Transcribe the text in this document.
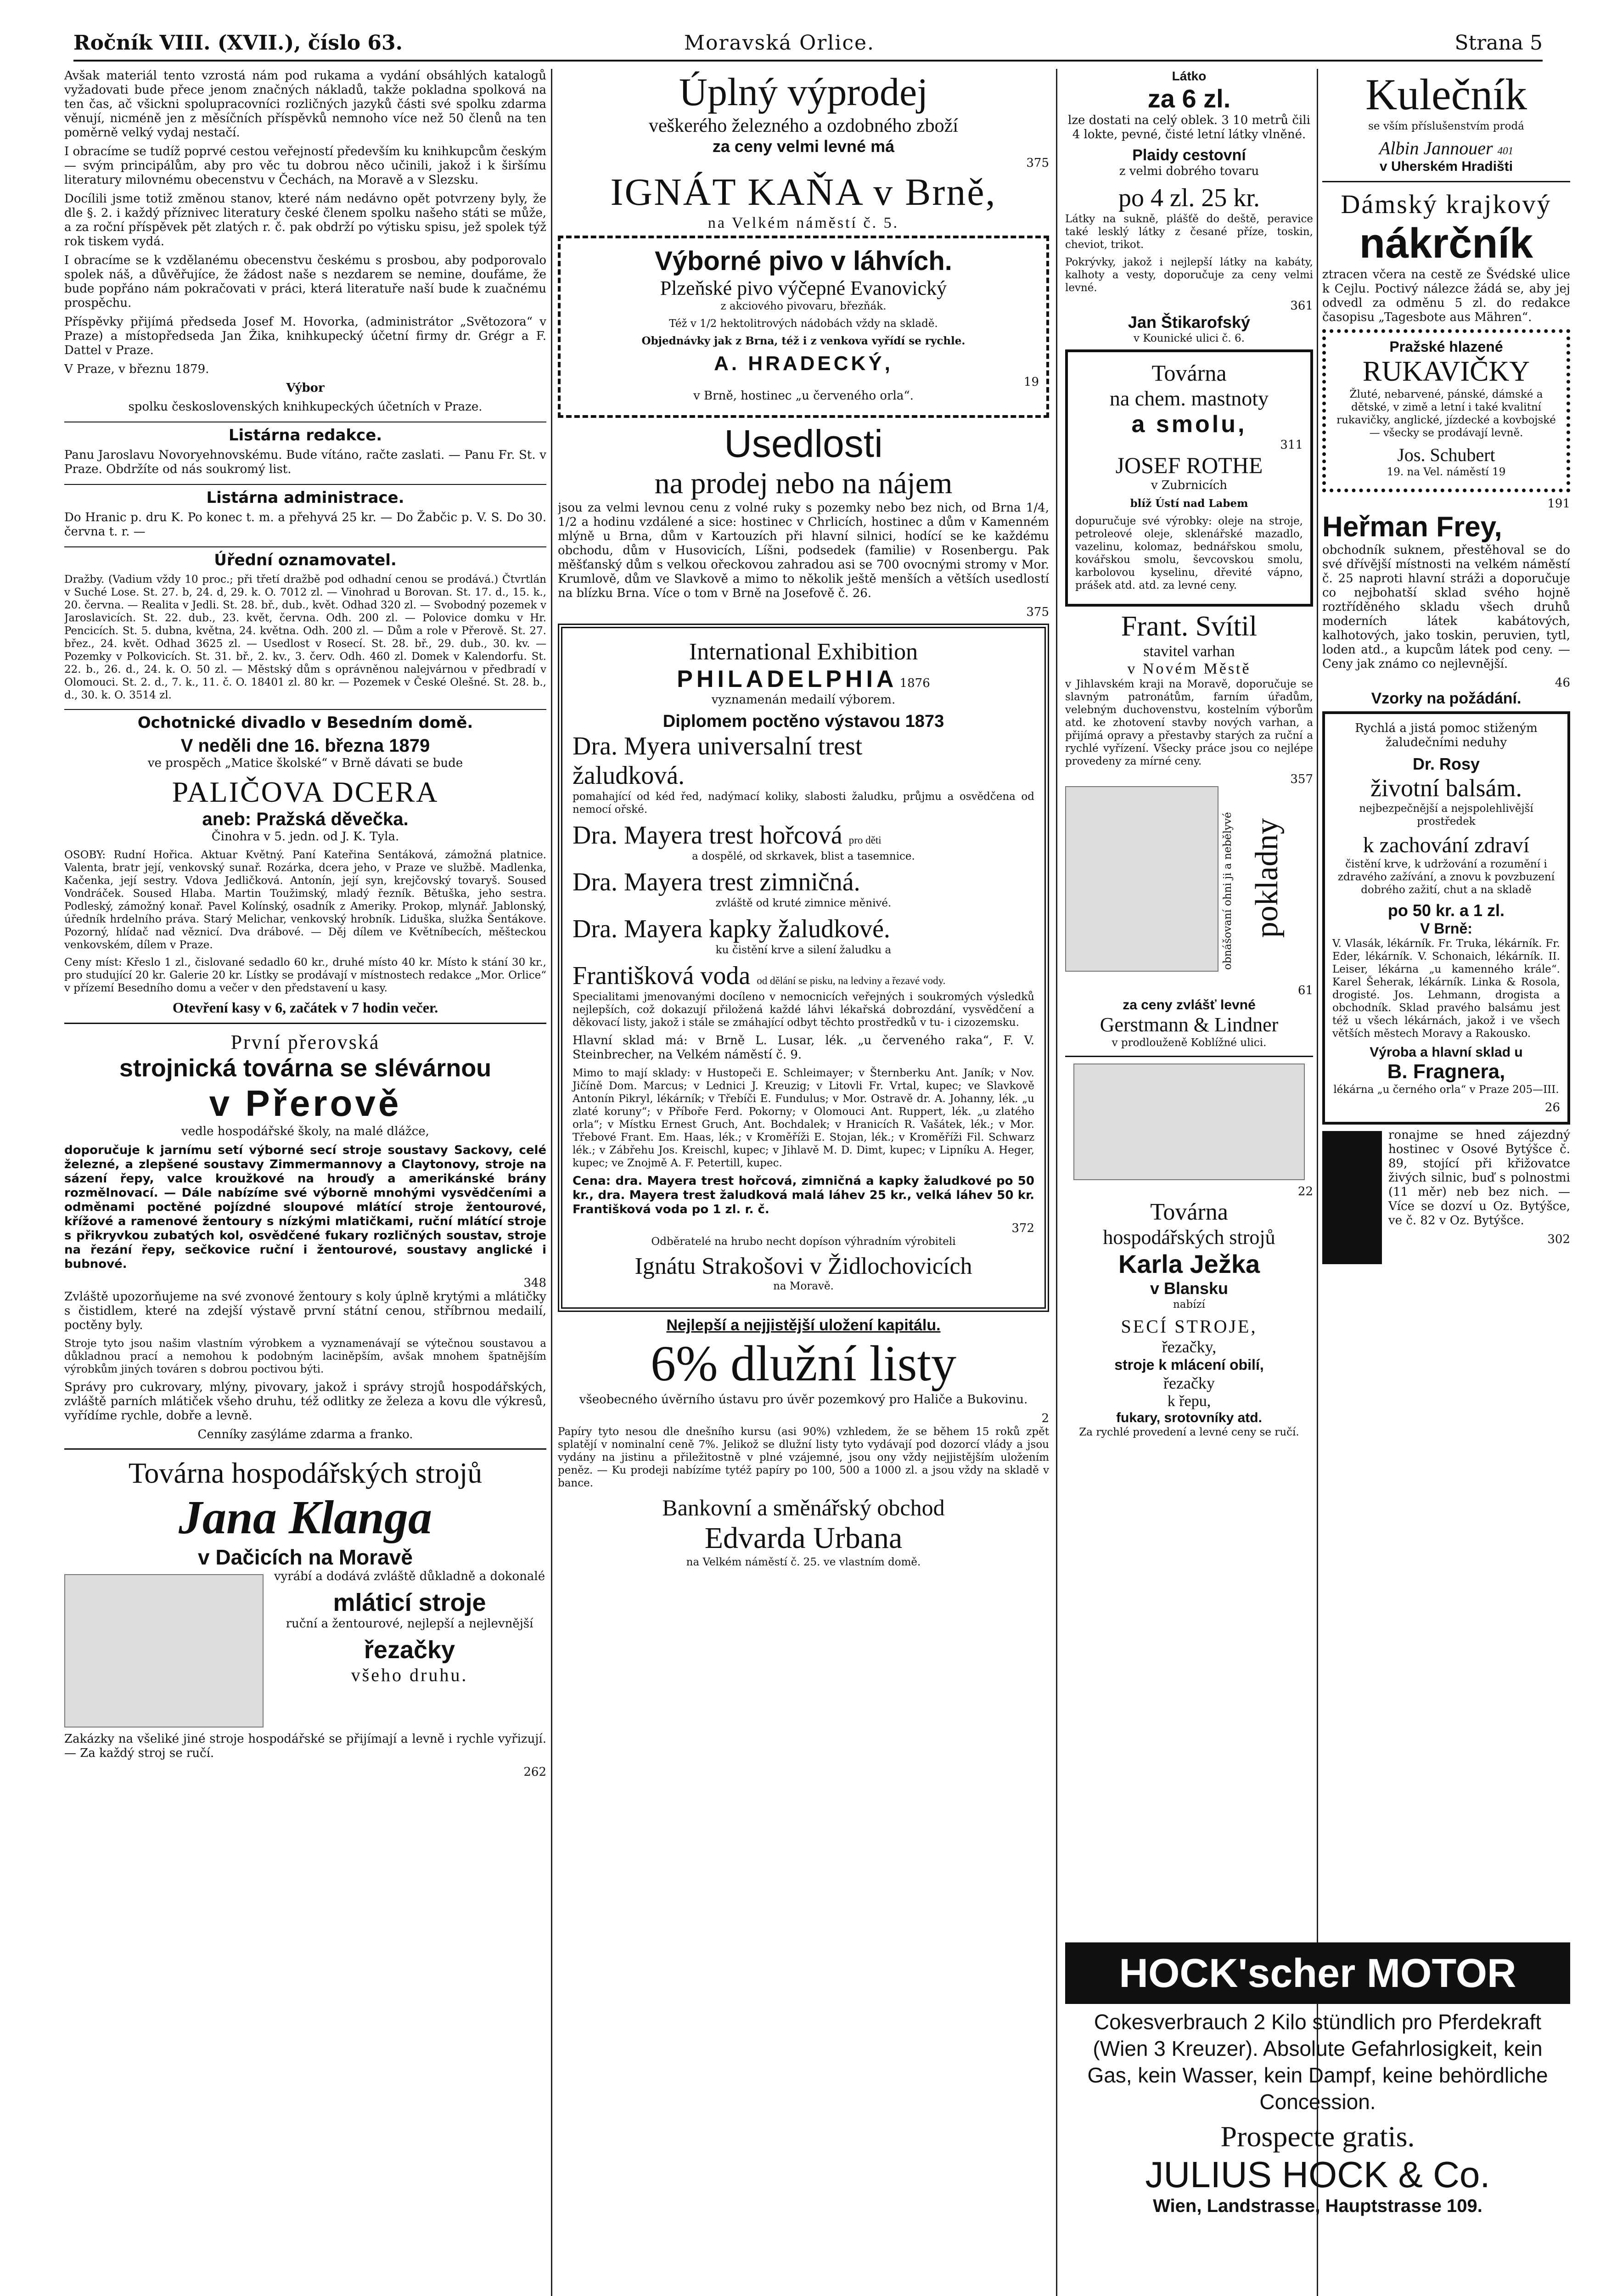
Ročník VIII. (XVII.), číslo 63.	Moravská Orlice.	Strana 5

Avšak materiál tento vzrostá nám pod rukama a vydání obsáhlých katalogů vyžadovati bude přece jenom značných nákladů, takže pokladna spolková na ten čas, ač všickni spolupracovníci rozličných jazyků části své spolku zdarma věnují, nicméně jen z měsíčních příspěvků nemnoho více než 50 členů na ten poměrně velký vydaj nestačí.

I obracíme se tudíž poprvé cestou veřejností především ku knihkupcům českým — svým principálům, aby pro věc tu dobrou něco učinili, jakož i k širšímu literatury milovnému obecenstvu v Čechách, na Moravě a v Slezsku.

Docílili jsme totiž změnou stanov, které nám nedávno opět potvrzeny byly, že dle §. 2. i každý příznivec literatury české členem spolku našeho státi se může, a za roční příspěvek pět zlatých r. č. pak obdrží po výtisku spisu, jež spolek týž rok tiskem vydá.

I obracíme se k vzdělanému obecenstvu českému s prosbou, aby podporovalo spolek náš, a důvěřujíce, že žádost naše s nezdarem se nemine, doufáme, že bude popřáno nám pokračovati v práci, která literatuře naší bude k zuačnému prospěchu.

Příspěvky přijímá předseda Josef M. Hovorka, (administrátor „Světozora“ v Praze) a místopředseda Jan Žika, knihkupecký účetní firmy dr. Grégr a F. Dattel v Praze.

V Praze, v březnu 1879.

Výbor

spolku československých knihkupeckých účetních v Praze.

Listárna redakce.

Panu Jaroslavu Novoryehnovskému. Bude vítáno, račte zaslati. — Panu Fr. St. v Praze. Obdržíte od nás soukromý list.

Listárna administrace.

Do Hranic p. dru K. Po konec t. m. a přehyvá 25 kr. — Do Žabčic p. V. S. Do 30. června t. r. —

Úřední oznamovatel.

Dražby. (Vadium vždy 10 proc.; při třetí dražbě pod odhadní cenou se prodává.) Čtvrtlán v Suché Lose. St. 27. b, 24. d, 29. k. O. 7012 zl. — Vinohrad u Borovan. St. 17. d., 15. k., 20. června. — Realita v Jedli. St. 28. bř., dub., květ. Odhad 320 zl. — Svobodný pozemek v Jaroslavicích. St. 22. dub., 23. květ, června. Odh. 200 zl. — Polovice domku v Hr. Pencicích. St. 5. dubna, května, 24. května. Odh. 200 zl. — Dům a role v Přerově. St. 27. břez., 24. květ. Odhad 3625 zl. — Usedlost v Rosecí. St. 28. bř., 29. dub., 30. kv. — Pozemky v Polkovicích. St. 31. bř., 2. kv., 3. červ. Odh. 460 zl. Domek v Kalendorfu. St. 22. b., 26. d., 24. k. O. 50 zl. — Městský dům s oprávněnou nalejvárnou v předbradí v Olomouci. St. 2. d., 7. k., 11. č. O. 18401 zl. 80 kr. — Pozemek v České Olešné. St. 28. b., d., 30. k. O. 3514 zl.

Ochotnické divadlo v Besedním domě.
V neděli dne 16. března 1879

ve prospěch „Matice školské“ v Brně dávati se bude

PALIČOVA DCERA
aneb: Pražská děvečka.

Činohra v 5. jedn. od J. K. Tyla.

OSOBY: Rudní Hořica. Aktuar Květný. Paní Kateřina Sentáková, zámožná platnice. Valenta, bratr její, venkovský sunař. Rozárka, dcera jeho, v Praze ve službě. Madlenka, Kačenka, její sestry. Vdova Jedličková. Antonín, její syn, krejčovský tovaryš. Soused Vondráček. Soused Hlaba. Martin Toužimský, mladý řezník. Bětuška, jeho sestra. Podleský, zámožný konař. Pavel Kolínský, osadník z Ameriky. Prokop, mlynář. Jablonský, úředník hrdelního práva. Starý Melichar, venkovský hrobník. Liduška, služka Šentákove. Pozorný, hlídač nad věznicí. Dva drábové. — Děj dílem ve Květníbecích, měšteckou venkovském, dílem v Praze.

Ceny míst: Křeslo 1 zl., čislované sedadlo 60 kr., druhé místo 40 kr. Místo k stání 30 kr., pro studující 20 kr. Galerie 20 kr. Lístky se prodávají v místnostech redakce „Mor. Orlice“ v přízemí Besedního domu a večer v den představení u kasy.

Otevření kasy v 6, začátek v 7 hodin večer.
První přerovská
strojnická továrna se slévárnou
v Přerově

vedle hospodářské školy, na malé dlážce,

doporučuje k jarnímu setí výborné secí stroje soustavy Sackovy, celé železné, a zlepšené soustavy Zimmermannovy a Claytonovy, stroje na sázení řepy, valce kroužkové na hrouďy a amerikánské brány rozmělnovací. — Dále nabízíme své výborně mnohými vysvědčeními a odměnami poctěné pojízdné sloupové mlátící stroje žentourové, křížové a ramenové žentoury s nízkými mlatičkami, ruční mlátící stroje s přikryvkou zubatých kol, osvědčené fukary rozličných soustav, stroje na řezání řepy, sečkovice ruční i žentourové, soustavy anglické i bubnové.

348

Zvláště upozorňujeme na své zvonové žentoury s koly úplně krytými a mlátičky s čistidlem, které na zdejší výstavě první státní cenou, stříbrnou medailí, poctěny byly.

Stroje tyto jsou našim vlastním výrobkem a vyznamenávají se výtečnou soustavou a důkladnou prací a nemohou k podobným laciněpším, avšak mnohem špatnějším výrobkům jiných továren s dobrou poctivou býti.

Správy pro cukrovary, mlýny, pivovary, jakož i správy strojů hospodářských, zvláště parních mlátiček všeho druhu, též odlitky ze železa a kovu dle výkresů, vyřídíme rychle, dobře a levně.

Cenníky zasýláme zdarma a franko.

Továrna hospodářských strojů
Jana Klanga
v Dačicích na Moravě

vyrábí a dodává zvláště důkladně a dokonalé

mláticí stroje

ruční a žentourové, nejlepší a nejlevnější

řezačky
všeho druhu.

Zakázky na všeliké jiné stroje hospodářské se přijímají a levně i rychle vyřizují. — Za každý stroj se ručí.

262
Úplný výprodej
veškerého železného a ozdobného zboží
za ceny velmi levné má
375
IGNÁT KAŇA v Brně,
na Velkém náměstí č. 5.
Výborné pivo v láhvích.
Plzeňské pivo výčepné Evanovický

z akciového pivovaru, březňák.

Též v 1/2 hektolitrových nádobách vždy na skladě.

Objednávky jak z Brna, též i z venkova vyřídí se rychle.

A. HRADECKÝ,
19

v Brně, hostinec „u červeného orla“.

Usedlosti
na prodej nebo na nájem

jsou za velmi levnou cenu z volné ruky s pozemky nebo bez nich, od Brna 1/4, 1/2 a hodinu vzdálené a sice: hostinec v Chrlicích, hostinec a dům v Kamenném mlýně u Brna, dům v Kartouzích při hlavní silnici, hodící se ke každému obchodu, dům v Husovicích, Líšni, podsedek (familie) v Rosenbergu. Pak měšťanský dům s velkou ořeckovou zahradou asi se 700 ovocnými stromy v Mor. Krumlově, dům ve Slavkově a mimo to několik ještě menších a větších usedlostí na blízku Brna. Více o tom v Brně na Josefově č. 26.

375
International Exhibition
PHILADELPHIA 1876

vyznamenán medailí výborem.

Diplomem poctěno výstavou 1873
Dra. Myera universalní trest
žaludková.

pomahající od kéd řed, nadýmací koliky, slabosti žaludku, průjmu a osvědčena od nemocí ořské.

Dra. Mayera trest hořcová pro děti

a dospělé, od skrkavek, blist a tasemnice.

Dra. Mayera trest zimničná.

zvláště od kruté zimnice měnivé.

Dra. Mayera kapky žaludkové.

ku čistění krve a silení žaludku a

Františková voda od dělání se pisku, na ledviny a řezavé vody.

Specialitami jmenovanými docíleno v nemocnicích veřejných i soukromých výsledků nejlepších, což dokazují přiložená každé láhvi lékařská dobrozdání, vysvědčení a děkovací listy, jakož i stále se zmáhající odbyt těchto prostředků v tu- i cizozemsku.

Hlavní sklad má: v Brně L. Lusar, lék. „u červeného raka“, F. V. Steinbrecher, na Velkém náměstí č. 9.

Mimo to mají sklady: v Hustopeči E. Schleimayer; v Šternberku Ant. Janík; v Nov. Jičíně Dom. Marcus; v Lednici J. Kreuzig; v Litovli Fr. Vrtal, kupec; ve Slavkově Antonín Pikryl, lékárník; v Třebíči E. Fundulus; v Mor. Ostravě dr. A. Johanny, lék. „u zlaté koruny“; v Příboře Ferd. Pokorny; v Olomouci Ant. Ruppert, lék. „u zlatého orla“; v Místku Ernest Gruch, Ant. Bochdalek; v Hranicích R. Vašátek, lék.; v Mor. Třebové Frant. Em. Haas, lék.; v Kroměříži E. Stojan, lék.; v Kroměříži Fil. Schwarz lék.; v Zábřehu Jos. Kreischl, kupec; v Jihlavě M. D. Dimt, kupec; v Lipníku A. Heger, kupec; ve Znojmě A. F. Petertill, kupec.

Cena: dra. Mayera trest hořcová, zimničná a kapky žaludkové po 50 kr., dra. Mayera trest žaludková malá láhev 25 kr., velká láhev 50 kr. Františková voda po 1 zl. r. č.

372

Odběratelé na hrubo necht dopíson výhradním výrobiteli

Ignátu Strakošovi v Židlochovicích

na Moravě.

Nejlepší a nejjistější uložení kapitálu.
6% dlužní listy

všeobecného úvěrního ústavu pro úvěr pozemkový pro Haliče a Bukovinu.

2

Papíry tyto nesou dle dnešního kursu (asi 90%) vzhledem, že se během 15 roků zpět splatějí v nominalní ceně 7%. Jelikož se dlužní listy tyto vydávají pod dozorcí vlády a jsou vydány na jistinu a přiležitostně v plné vzájemné, jsou ony vždy nejjistějším uložením peněz. — Ku prodeji nabízíme tytéž papíry po 100, 500 a 1000 zl. a jsou vždy na skladě v bance.

Bankovní a směnářský obchod
Edvarda Urbana

na Velkém náměstí č. 25. ve vlastním domě.

Látko
za 6 zl.

lze dostati na celý oblek. 3 10 metrů čili 4 lokte, pevné, čisté letní látky vlněné.

Plaidy cestovní

z velmi dobrého tovaru

po 4 zl. 25 kr.

Látky na sukně, plášťě do deště, peravice také lesklý látky z česané příze, toskin, cheviot, trikot.

Pokrývky, jakož i nejlepší látky na kabáty, kalhoty a vesty, doporučuje za ceny velmi levné.

361
Jan Štikarofský

v Kounické ulici č. 6.

Továrna
na chem. mastnoty
a smolu,
311
JOSEF ROTHE

v Zubrnicích

blíž Ústí nad Labem

dopuručuje své výrobky: oleje na stroje, petroleové oleje, sklenářské mazadlo, vazelinu, kolomaz, bednářskou smolu, kovářskou smolu, ševcovskou smolu, karbolovou kyselinu, dřevité vápno, prášek atd. atd. za levné ceny.

Frant. Svítil
stavitel varhan
v Novém Městě

v Jihlavském kraji na Moravě, doporučuje se slavným patronátům, farním úřadům, velebným duchovenstvu, kostelním výborům atd. ke zhotovení stavby nových varhan, a přijímá opravy a přestavby starých za ruční a rychlé vyřízení. Všecky práce jsou co nejlépe provedeny za mírné ceny.

357
obnášovaní ohni ji a nebělyvé pokladny
61
za ceny zvlášť levné
Gerstmann & Lindner

v prodlouženě Koblížné ulici.

22
Továrna
hospodářských strojů
Karla Ježka
v Blansku

nabízí

SECÍ STROJE,
řezačky,
stroje k mlácení obilí,
řezačky
k řepu,
fukary, srotovníky atd.

Za rychlé provedení a levné ceny se ručí.

Kulečník

se vším příslušenstvím prodá

Albin Jannouer 401
v Uherském Hradišti
Dámský krajkový
nákrčník

ztracen včera na cestě ze Švédské ulice k Cejlu. Poctivý nálezce žádá se, aby jej odvedl za odměnu 5 zl. do redakce časopisu „Tagesbote aus Mähren“.

Pražské hlazené
RUKAVIČKY

Žluté, nebarvené, pánské, dámské a dětské, v zimě a letní i také kvalitní rukavičky, anglické, jízdecké a kovbojské — všecky se prodávají levně.

Jos. Schubert

19. na Vel. náměstí 19

191
Heřman Frey,

obchodník suknem, přestěhoval se do své dřívější místnosti na velkém náměstí č. 25 naproti hlavní stráži a doporučuje co nejbohatší sklad svého hojně roztříděného skladu všech druhů moderních látek kabátových, kalhotových, jako toskin, peruvien, tytl, loden atd., a kupcům látek pod ceny. — Ceny jak známo co nejlevnější.

46
Vzorky na požádání.

Rychlá a jistá pomoc stiženým žaludečními neduhy

Dr. Rosy
životní balsám.

nejbezpečnější a nejspolehlivější prostředek

k zachování zdraví

čistění krve, k udržování a rozumění i zdravého zažívání, a znovu k povzbuzení dobrého zažití, chut a na skladě

po 50 kr. a 1 zl.
V Brně:

V. Vlasák, lékárník. Fr. Truka, lékárník. Fr. Eder, lékárník. V. Schonaich, lékárník. II. Leiser, lékárna „u kamenného krále“. Karel Šeherak, lékárník. Linka & Rosola, drogisté. Jos. Lehmann, drogista a obchodník. Sklad pravého balsámu jest též u všech lékárnách, jakož i ve všech větších městech Moravy a Rakousko.

Výroba a hlavní sklad u
B. Fragnera,

lékárna „u černého orla“ v Praze 205—III.

26

ronajme se hned zájezdný hostinec v Osové Bytýšce č. 89, stojící při křižovatce živých silnic, buď s polnostmi (11 měr) neb bez nich. — Více se dozví u Oz. Bytýšce, ve č. 82 v Oz. Bytýšce.

302
HOCK'scher MOTOR
Cokesverbrauch 2 Kilo stündlich pro Pferdekraft (Wien 3 Kreuzer). Absolute Gefahrlosigkeit, kein Gas, kein Wasser, kein Dampf, keine behördliche Concession.
Prospecte gratis.
JULIUS HOCK & Co.
Wien, Landstrasse, Hauptstrasse 109.
